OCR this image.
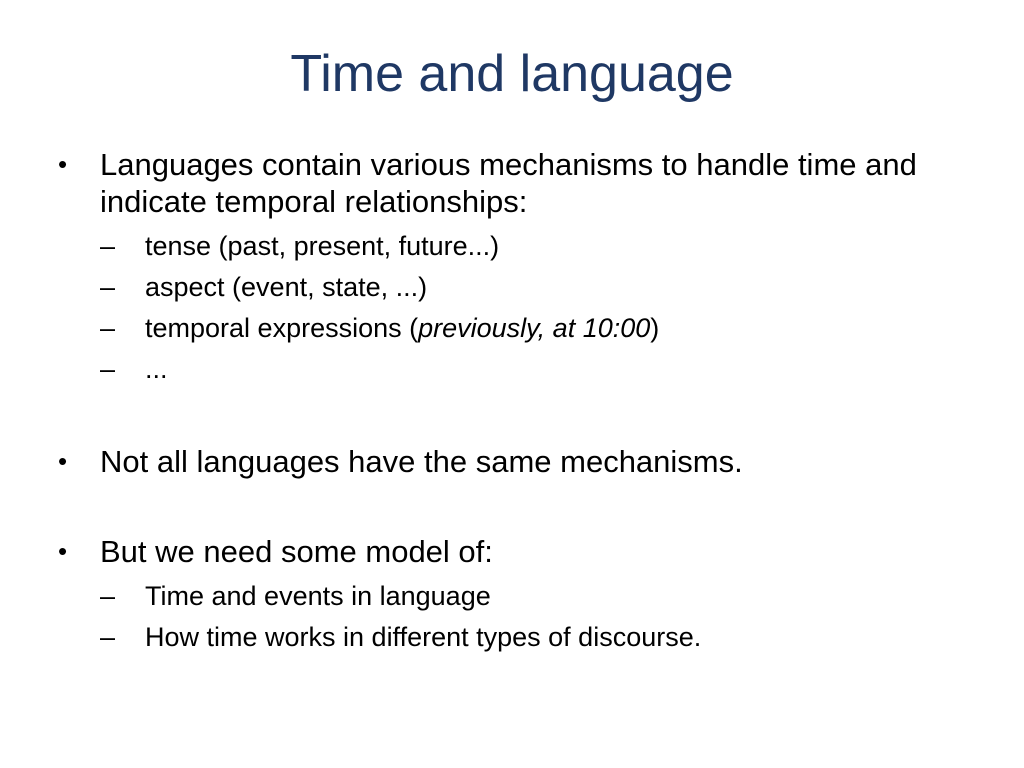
Time and language
• Languages contain various mechanisms to handle time and indicate temporal relationships:
– tense (past, present, future...)
– aspect (event, state, ...)
– temporal expressions (previously, at 10:00)
– ...
• Not all languages have the same mechanisms.
• But we need some model of:
– Time and events in language
– How time works in different types of discourse.
